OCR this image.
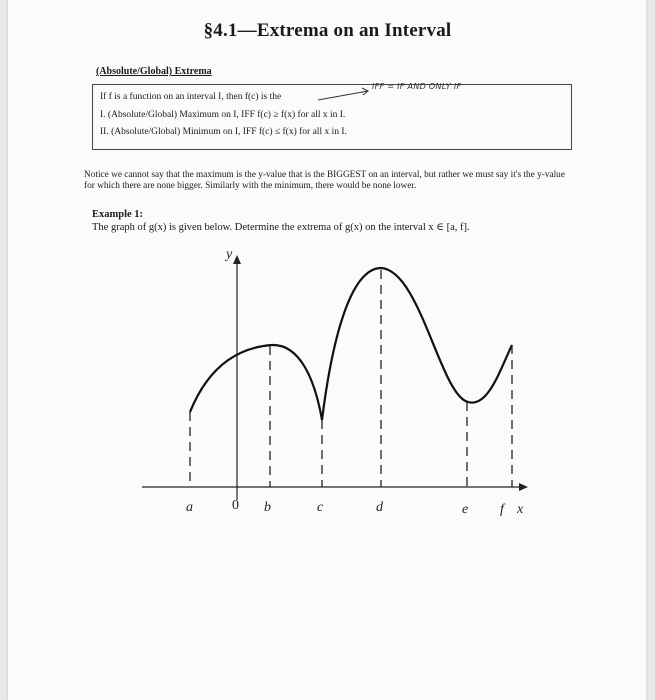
§4.1—Extrema on an Interval
(Absolute/Global) Extrema
If f is a function on an interval I, then f(c) is the
IFF = IF AND ONLY IF
I. (Absolute/Global) Maximum on I, IFF f(c) ≥ f(x) for all x in I.
II. (Absolute/Global) Minimum on I, IFF f(c) ≤ f(x) for all x in I.
Notice we cannot say that the maximum is the y-value that is the BIGGEST on an interval, but rather we must say it's the y-value for which there are none bigger. Similarly with the minimum, there would be none lower.
Example 1:
The graph of g(x) is given below. Determine the extrema of g(x) on the interval x ∈ [a, f].
y
x
0
a	b	c	d	e f
